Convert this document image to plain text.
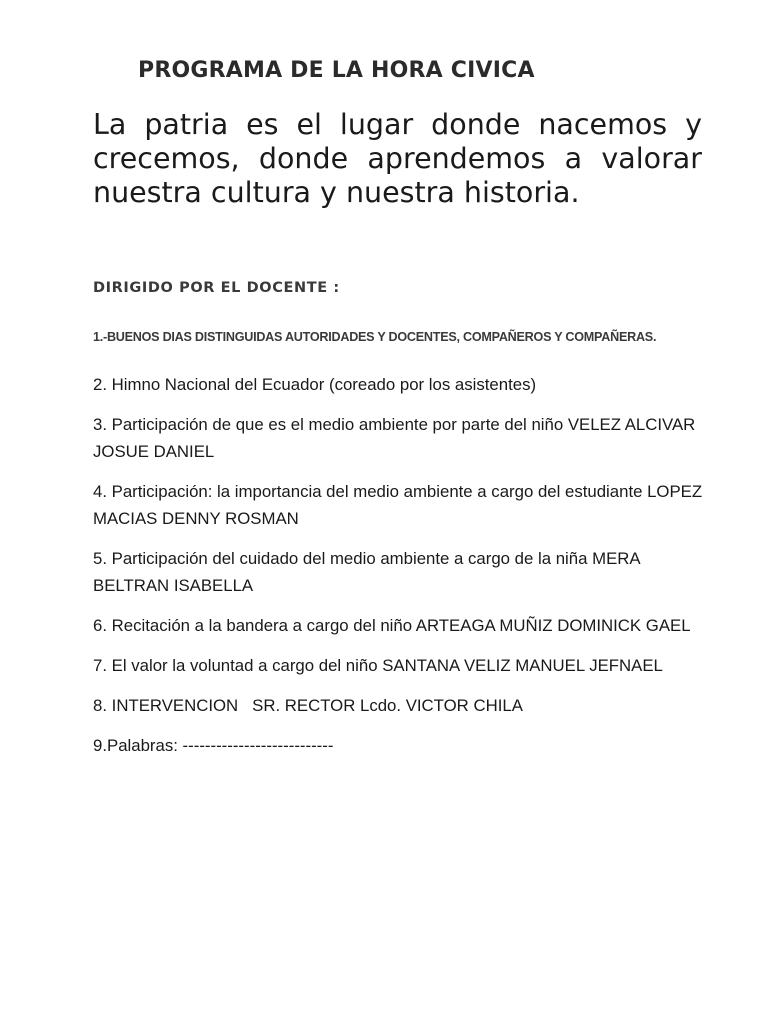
PROGRAMA DE LA HORA CIVICA

La patria es el lugar donde nacemos y crecemos, donde aprendemos a valorar nuestra cultura y nuestra historia.

DIRIGIDO POR EL DOCENTE :

1.-BUENOS DIAS DISTINGUIDAS AUTORIDADES Y DOCENTES, COMPAÑEROS Y COMPAÑERAS.

2. Himno Nacional del Ecuador (coreado por los asistentes)
3. Participación de que es el medio ambiente por parte del niño VELEZ ALCIVAR JOSUE DANIEL
4. Participación: la importancia del medio ambiente a cargo del estudiante LOPEZ MACIAS DENNY ROSMAN
5. Participación del cuidado del medio ambiente a cargo de la niña MERA BELTRAN ISABELLA
6. Recitación a la bandera a cargo del niño ARTEAGA MUÑIZ DOMINICK GAEL
7. El valor la voluntad a cargo del niño SANTANA VELIZ MANUEL JEFNAEL
8. INTERVENCION   SR. RECTOR Lcdo. VICTOR CHILA
9.Palabras: ---------------------------
